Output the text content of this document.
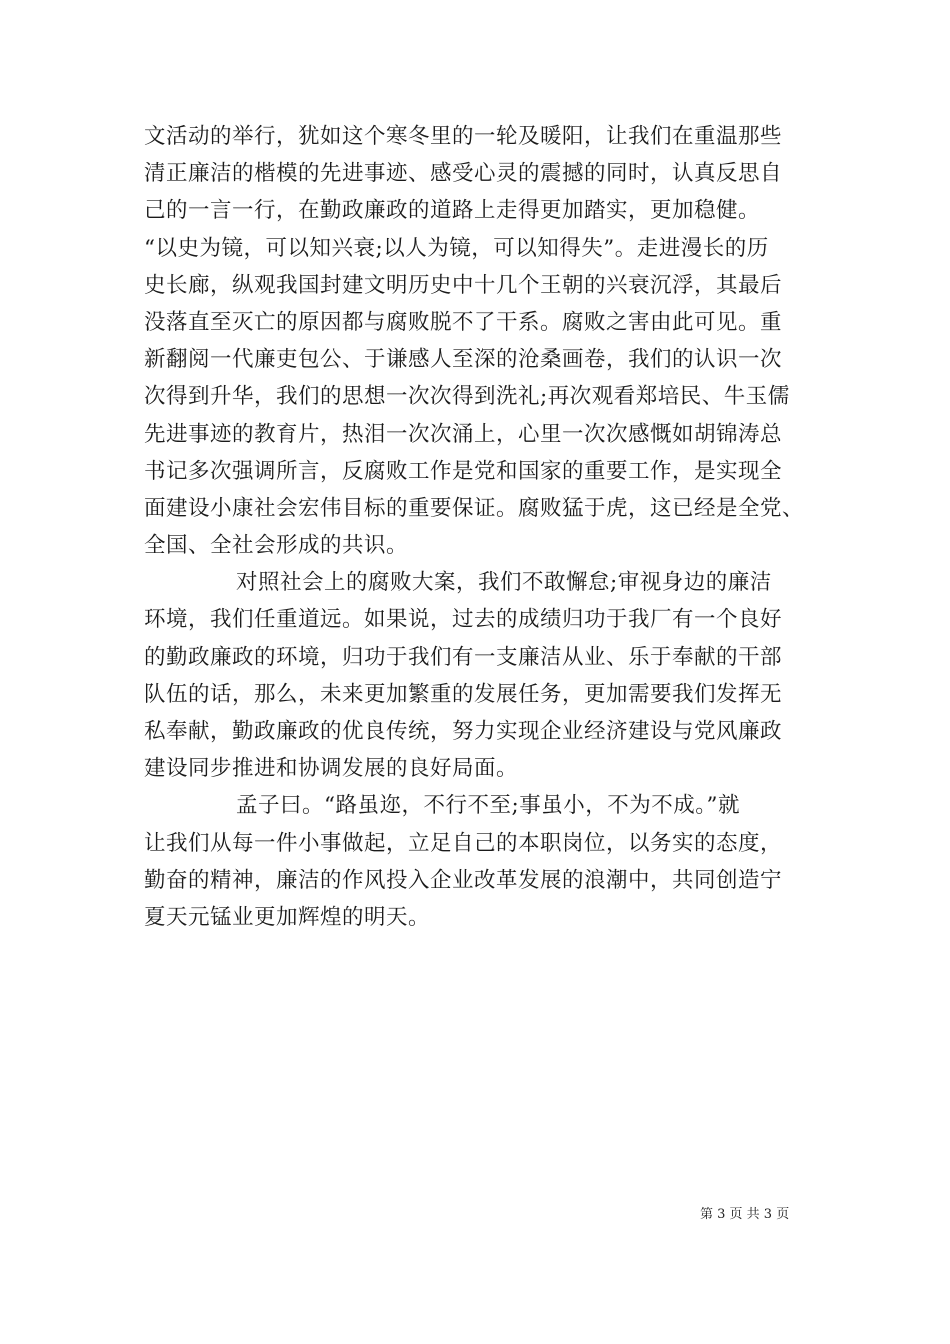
文活动的举行，犹如这个寒冬里的一轮及暖阳，让我们在重温那些
清正廉洁的楷模的先进事迹、感受心灵的震撼的同时，认真反思自
己的一言一行，在勤政廉政的道路上走得更加踏实，更加稳健。
“以史为镜，可以知兴衰;以人为镜，可以知得失”。走进漫长的历
史长廊，纵观我国封建文明历史中十几个王朝的兴衰沉浮，其最后
没落直至灭亡的原因都与腐败脱不了干系。腐败之害由此可见。重
新翻阅一代廉吏包公、于谦感人至深的沧桑画卷，我们的认识一次
次得到升华，我们的思想一次次得到洗礼;再次观看郑培民、牛玉儒
先进事迹的教育片，热泪一次次涌上，心里一次次感慨如胡锦涛总
书记多次强调所言，反腐败工作是党和国家的重要工作，是实现全
面建设小康社会宏伟目标的重要保证。腐败猛于虎，这已经是全党、
全国、全社会形成的共识。
对照社会上的腐败大案，我们不敢懈怠;审视身边的廉洁
环境，我们任重道远。如果说，过去的成绩归功于我厂有一个良好
的勤政廉政的环境，归功于我们有一支廉洁从业、乐于奉献的干部
队伍的话，那么，未来更加繁重的发展任务，更加需要我们发挥无
私奉献，勤政廉政的优良传统，努力实现企业经济建设与党风廉政
建设同步推进和协调发展的良好局面。
孟子曰。“路虽迩，不行不至;事虽小，不为不成。”就
让我们从每一件小事做起，立足自己的本职岗位，以务实的态度，
勤奋的精神，廉洁的作风投入企业改革发展的浪潮中，共同创造宁
夏天元锰业更加辉煌的明天。
第 3 页 共 3 页
